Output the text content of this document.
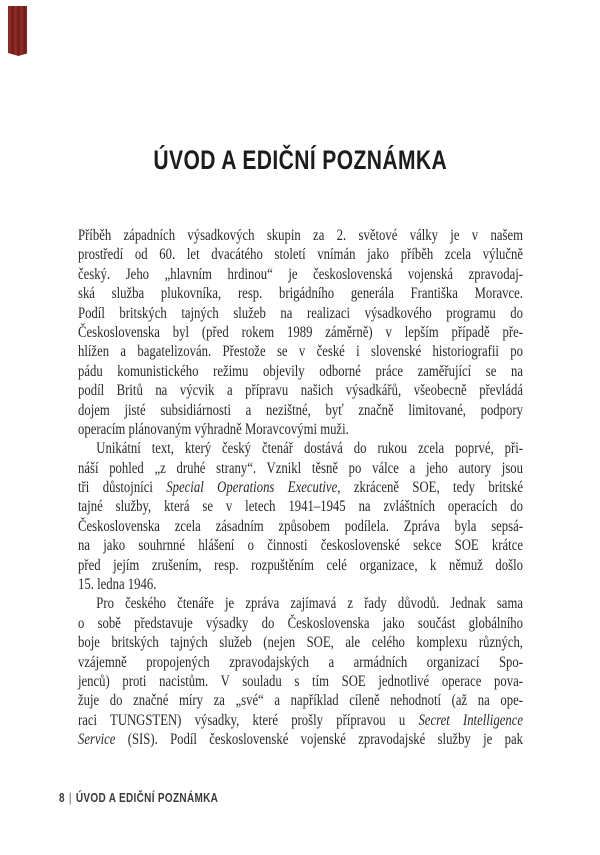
ÚVOD A EDIČNÍ POZNÁMKA
Příběh západních výsadkových skupin za 2. světové války je v našem
prostředí od 60. let dvacátého století vnímán jako příběh zcela výlučně
český. Jeho „hlavním hrdinou“ je československá vojenská zpravodaj-
ská služba plukovníka, resp. brigádního generála Františka Moravce.
Podíl britských tajných služeb na realizaci výsadkového programu do
Československa byl (před rokem 1989 záměrně) v lepším případě pře-
hlížen a bagatelizován. Přestože se v české i slovenské historiografii po
pádu komunistického režimu objevily odborné práce zaměřující se na
podíl Britů na výcvik a přípravu našich výsadkářů, všeobecně převládá
dojem jisté subsidiárnosti a nezištné, byť značně limitované, podpory
operacím plánovaným výhradně Moravcovými muži.
Unikátní text, který český čtenář dostává do rukou zcela poprvé, při-
náší pohled „z druhé strany“. Vznikl těsně po válce a jeho autory jsou
tři důstojníci Special Operations Executive, zkráceně SOE, tedy britské
tajné služby, která se v letech 1941–1945 na zvláštních operacích do
Československa zcela zásadním způsobem podílela. Zpráva byla sepsá-
na jako souhrnné hlášení o činnosti československé sekce SOE krátce
před jejím zrušením, resp. rozpuštěním celé organizace, k němuž došlo
15. ledna 1946.
Pro českého čtenáře je zpráva zajímavá z řady důvodů. Jednak sama
o sobě představuje výsadky do Československa jako součást globálního
boje britských tajných služeb (nejen SOE, ale celého komplexu různých,
vzájemně propojených zpravodajských a armádních organizací Spo-
jenců) proti nacistům. V souladu s tím SOE jednotlivé operace pova-
žuje do značné míry za „své“ a například cíleně nehodnotí (až na ope-
raci TUNGSTEN) výsadky, které prošly přípravou u Secret Intelligence
Service (SIS). Podíl československé vojenské zpravodajské služby je pak
8 | ÚVOD A EDIČNÍ POZNÁMKA
